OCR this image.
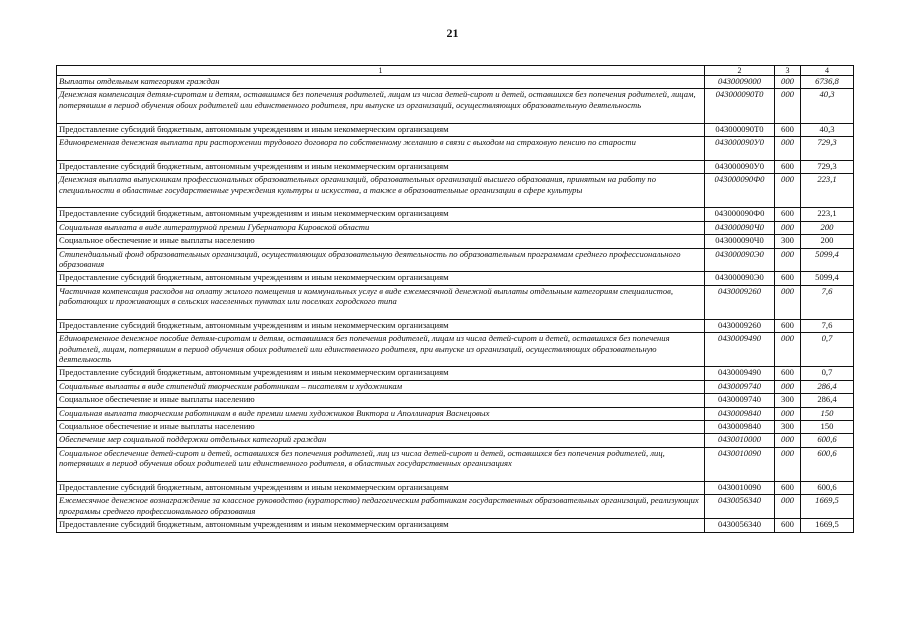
21
1	2	3	4
Выплаты отдельным категориям граждан	0430009000	000	6736,8
Денежная компенсация детям-сиротам и детям, оставшимся без попечения родителей, лицам из числа детей-сирот и детей, оставшихся без попечения родителей, лицам, потерявшим в период обучения обоих родителей или единственного родителя, при выпуске из организаций, осуществляющих образовательную деятельность	043000090Т0	000	40,3
Предоставление субсидий бюджетным, автономным учреждениям и иным некоммерческим организациям	043000090Т0	600	40,3
Единовременная денежная выплата при расторжении трудового договора по собственному желанию в связи с выходом на страховую пенсию по старости	043000090У0	000	729,3
Предоставление субсидий бюджетным, автономным учреждениям и иным некоммерческим организациям	043000090У0	600	729,3
Денежная выплата выпускникам профессиональных образовательных организаций, образовательных организаций высшего образования, принятым на работу по специальности в областные государственные учреждения культуры и искусства, а также в образовательные организации в сфере культуры	043000090Ф0	000	223,1
Предоставление субсидий бюджетным, автономным учреждениям и иным некоммерческим организациям	043000090Ф0	600	223,1
Социальная выплата в виде литературной премии Губернатора Кировской области	043000090Ч0	000	200
Социальное обеспечение и иные выплаты населению	043000090Ч0	300	200
Стипендиальный фонд образовательных организаций, осуществляющих образовательную деятельность по образовательным программам среднего профессионального образования	043000090Э0	000	5099,4
Предоставление субсидий бюджетным, автономным учреждениям и иным некоммерческим организациям	043000090Э0	600	5099,4
Частичная компенсация расходов на оплату жилого помещения и коммунальных услуг в виде ежемесячной денежной выплаты отдельным категориям специалистов, работающих и проживающих в сельских населенных пунктах или поселках городского типа	0430009260	000	7,6
Предоставление субсидий бюджетным, автономным учреждениям и иным некоммерческим организациям	0430009260	600	7,6
Единовременное денежное пособие детям-сиротам и детям, оставшимся без попечения родителей, лицам из числа детей-сирот и детей, оставшихся без попечения родителей, лицам, потерявшим в период обучения обоих родителей или единственного родителя, при выпуске из организаций, осуществляющих образовательную деятельность	0430009490	000	0,7
Предоставление субсидий бюджетным, автономным учреждениям и иным некоммерческим организациям	0430009490	600	0,7
Социальные выплаты в виде стипендий творческим работникам – писателям и художникам	0430009740	000	286,4
Социальное обеспечение и иные выплаты населению	0430009740	300	286,4
Социальная выплата творческим работникам в виде премии имени художников Виктора и Аполлинария Васнецовых	0430009840	000	150
Социальное обеспечение и иные выплаты населению	0430009840	300	150
Обеспечение мер социальной поддержки отдельных категорий граждан	0430010000	000	600,6
Социальное обеспечение детей-сирот и детей, оставшихся без попечения родителей, лиц из числа детей-сирот и детей, оставшихся без попечения родителей, лиц, потерявших в период обучения обоих родителей или единственного родителя, в областных государственных организациях	0430010090	000	600,6
Предоставление субсидий бюджетным, автономным учреждениям и иным некоммерческим организациям	0430010090	600	600,6
Ежемесячное денежное вознаграждение за классное руководство (кураторство) педагогическим работникам государственных образовательных организаций, реализующих программы среднего профессионального образования	0430056340	000	1669,5
Предоставление субсидий бюджетным, автономным учреждениям и иным некоммерческим организациям	0430056340	600	1669,5
